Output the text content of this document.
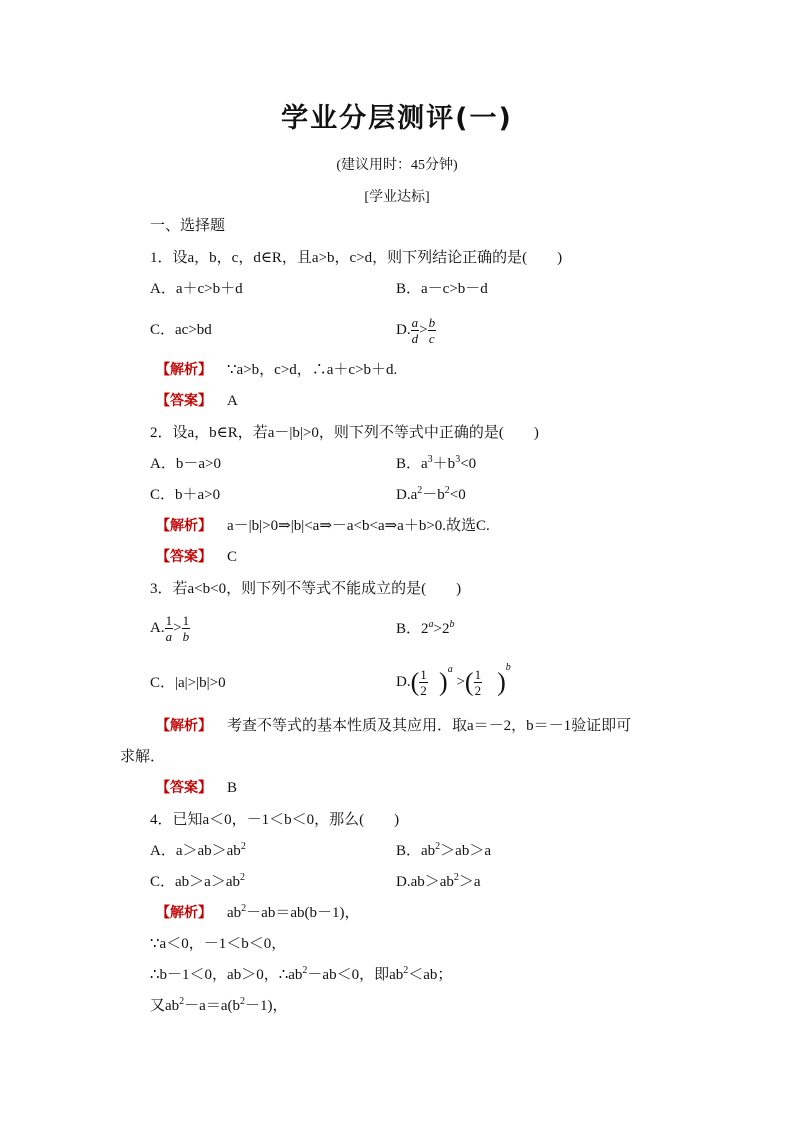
学业分层测评(一)
(建议用时：45分钟)
[学业达标]
一、选择题
1．设a，b，c，d∈R，且a>b，c>d，则下列结论正确的是(　　)
A．a＋c>b＋d	B．a－c>b－d
C．ac>bd	D. $\frac{a}{d} > \frac{b}{c}$
【解析】 ∵a>b，c>d，∴a＋c>b＋d.
【答案】 A
2．设a，b∈R，若a－|b|>0，则下列不等式中正确的是(　　)
A．b－a>0	B．$a^3+b^3<0$
C．b＋a>0	$D.a^2-b^2<0$
【解析】 a－|b|>0⇒|b|<a⇒－a<b<a⇒a＋b>0.故选C.
【答案】 C
3．若a<b<0，则下列不等式不能成立的是(　　)
A. $\frac{1}{a} > \frac{1}{b}$	B．$2^a>2^b$
C．|a|>|b|>0	$D.( \frac{1}{2} )^a$ >( $\frac{1}{2} )^b$
【解析】 考查不等式的基本性质及其应用．取a＝－2，b＝－1验证即可
求解．
【答案】 B
4．已知a＜0，－1＜b＜0，那么(　　)
A．$a>ab>ab^2$	B．$ab^2>ab>a$
C．$ab>a>ab^2$	$D.ab>ab^2>a$
【解析】 $ab^2-ab=ab(b-1)$，
∵a＜0，－1＜b＜0，
∴b－1＜0，ab＞0，$\therefore ab^2-ab<0$，即$ab^2<ab$；
又$ab^2-a=a(b^2-1)$，
